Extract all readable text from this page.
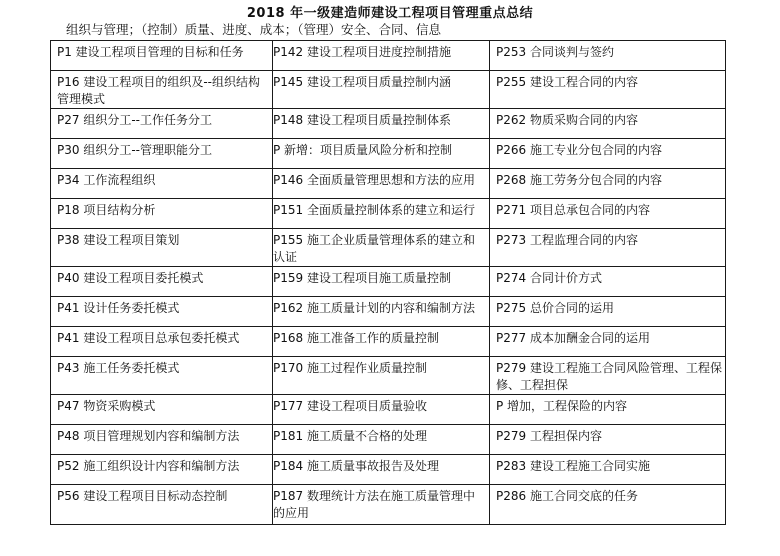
2018 年一级建造师建设工程项目管理重点总结
组织与管理；（控制）质量、进度、成本；（管理）安全、合同、信息
P1 建设工程项目管理的目标和任务	P142 建设工程项目进度控制措施	P253 合同谈判与签约

P16 建设工程项目的组织及--组织结构管理模式	P145 建设工程项目质量控制内涵	P255 建设工程合同的内容

P27 组织分工--工作任务分工	P148 建设工程项目质量控制体系	P262 物质采购合同的内容

P30 组织分工--管理职能分工	P 新增：项目质量风险分析和控制	P266 施工专业分包合同的内容

P34 工作流程组织	P146 全面质量管理思想和方法的应用	P268 施工劳务分包合同的内容

P18 项目结构分析	P151 全面质量控制体系的建立和运行	P271 项目总承包合同的内容

P38 建设工程项目策划	P155 施工企业质量管理体系的建立和认证	P273 工程监理合同的内容

P40 建设工程项目委托模式	P159 建设工程项目施工质量控制	P274 合同计价方式

P41 设计任务委托模式	P162 施工质量计划的内容和编制方法	P275 总价合同的运用

P41 建设工程项目总承包委托模式	P168 施工准备工作的质量控制	P277 成本加酬金合同的运用

P43 施工任务委托模式	P170 施工过程作业质量控制	P279 建设工程施工合同风险管理、工程保修、工程担保

P47 物资采购模式	P177 建设工程项目质量验收	P 增加，工程保险的内容

P48 项目管理规划内容和编制方法	P181 施工质量不合格的处理	P279 工程担保内容

P52 施工组织设计内容和编制方法	P184 施工质量事故报告及处理	P283 建设工程施工合同实施

P56 建设工程项目目标动态控制	P187 数理统计方法在施工质量管理中的应用	P286 施工合同交底的任务
